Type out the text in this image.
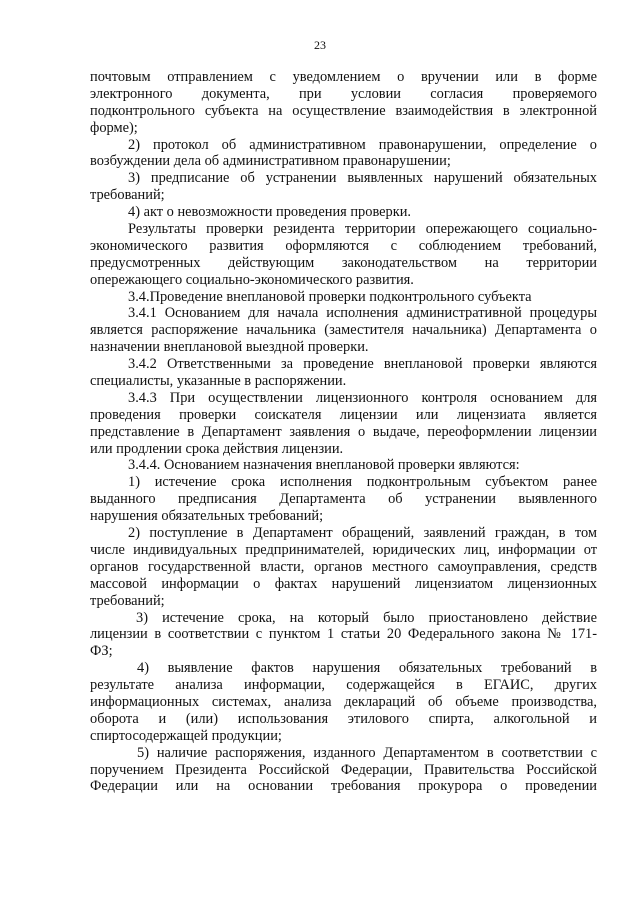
23
почтовым отправлением с уведомлением о вручении или в форме
электронного документа, при условии согласия проверяемого
подконтрольного субъекта на осуществление взаимодействия в электронной
форме);
2) протокол об административном правонарушении, определение о
возбуждении дела об административном правонарушении;
3) предписание об устранении выявленных нарушений обязательных
требований;
4) акт о невозможности проведения проверки.
Результаты проверки резидента территории опережающего социально-
экономического развития оформляются с соблюдением требований,
предусмотренных действующим законодательством на территории
опережающего социально-экономического развития.
3.4.Проведение внеплановой проверки подконтрольного субъекта
3.4.1 Основанием для начала исполнения административной процедуры
является распоряжение начальника (заместителя начальника) Департамента о
назначении внеплановой выездной проверки.
3.4.2 Ответственными за проведение внеплановой проверки являются
специалисты, указанные в распоряжении.
3.4.3 При осуществлении лицензионного контроля основанием для
проведения проверки соискателя лицензии или лицензиата является
представление в Департамент заявления о выдаче, переоформлении лицензии
или продлении срока действия лицензии.
3.4.4. Основанием назначения внеплановой проверки являются:
1) истечение срока исполнения подконтрольным субъектом ранее
выданного предписания Департамента об устранении выявленного
нарушения обязательных требований;
2) поступление в Департамент обращений, заявлений граждан, в том
числе индивидуальных предпринимателей, юридических лиц, информации от
органов государственной власти, органов местного самоуправления, средств
массовой информации о фактах нарушений лицензиатом лицензионных
требований;
3) истечение срока, на который было приостановлено действие
лицензии в соответствии с пунктом 1 статьи 20 Федерального закона № 171-
ФЗ;
4) выявление фактов нарушения обязательных требований в
результате анализа информации, содержащейся в ЕГАИС, других
информационных системах, анализа деклараций об объеме производства,
оборота и (или) использования этилового спирта, алкогольной и
спиртосодержащей продукции;
5) наличие распоряжения, изданного Департаментом в соответствии с
поручением Президента Российской Федерации, Правительства Российской
Федерации или на основании требования прокурора о проведении
